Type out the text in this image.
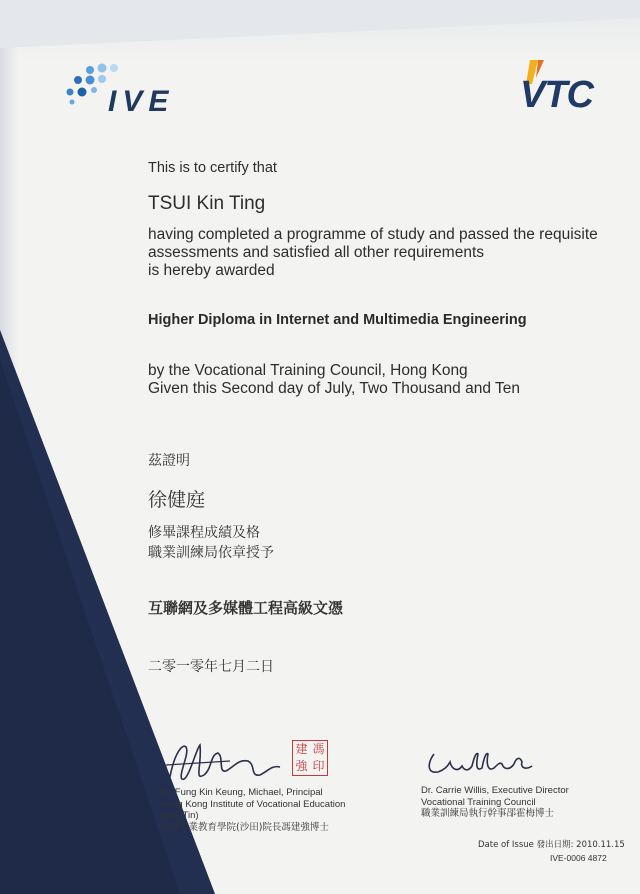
IVE	VTC
This is to certify that
TSUI Kin Ting
having completed a programme of study and passed the requisite
assessments and satisfied all other requirements
is hereby awarded
Higher Diploma in Internet and Multimedia Engineering
by the Vocational Training Council, Hong Kong
Given this Second day of July, Two Thousand and Ten
茲證明
徐健庭
修畢課程成績及格
職業訓練局依章授予
互聯網及多媒體工程高級文憑
二零一零年七月二日
建 馮
強 印
Dr. Fung Kin Keung, Michael, Principal
Hong Kong Institute of Vocational Education
(Sha Tin)
香港專業教育學院(沙田)院長馮建強博士
Dr. Carrie Willis, Executive Director
Vocational Training Council
職業訓練局執行幹事郘霍梅博士
Date of Issue 發出日期: 2010.11.15
IVE-0006 4872
